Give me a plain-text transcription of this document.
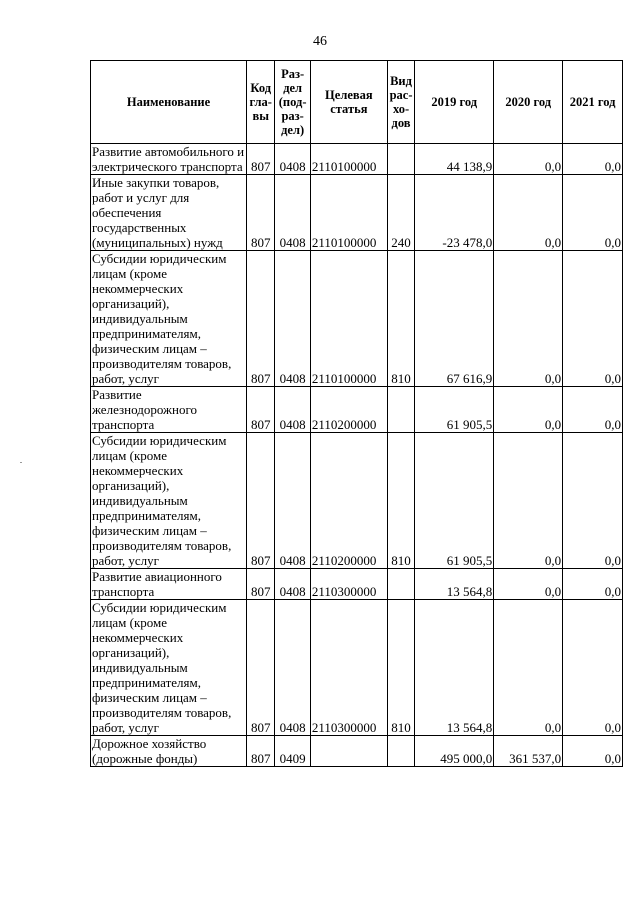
46
Наименование	Код гла-вы	Раз-дел (под-раз-дел)	Целевая статья	Вид рас-хо-дов	2019 год	2020 год	2021 год
Развитие автомобильного и электрического транспорта	807	0408	2110100000		44 138,9	0,0	0,0
Иные закупки товаров, работ и услуг для обеспечения государственных (муниципальных) нужд	807	0408	2110100000	240	-23 478,0	0,0	0,0
Субсидии юридическим лицам (кроме некоммерческих организаций), индивидуальным предпринимателям, физическим лицам – производителям товаров, работ, услуг	807	0408	2110100000	810	67 616,9	0,0	0,0
Развитие железнодорожного транспорта	807	0408	2110200000		61 905,5	0,0	0,0
Субсидии юридическим лицам (кроме некоммерческих организаций), индивидуальным предпринимателям, физическим лицам – производителям товаров, работ, услуг	807	0408	2110200000	810	61 905,5	0,0	0,0
Развитие авиационного транспорта	807	0408	2110300000		13 564,8	0,0	0,0
Субсидии юридическим лицам (кроме некоммерческих организаций), индивидуальным предпринимателям, физическим лицам – производителям товаров, работ, услуг	807	0408	2110300000	810	13 564,8	0,0	0,0
Дорожное хозяйство (дорожные фонды)	807	0409			495 000,0	361 537,0	0,0
